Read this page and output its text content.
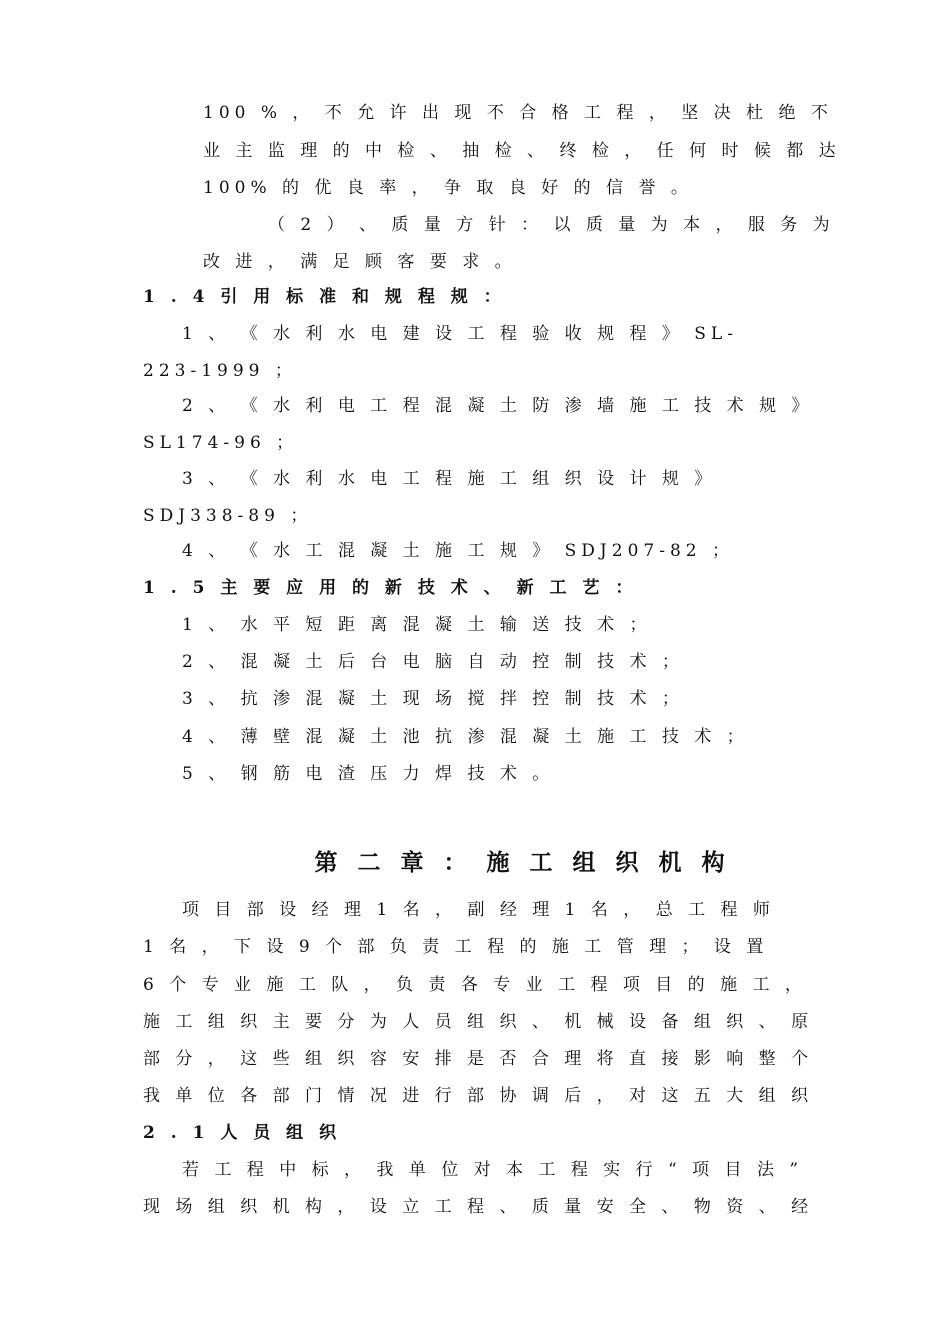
100 % ， 不 允 许 出 现 不 合 格 工 程 ， 坚 决 杜 绝 不
业 主 监 理 的 中 检 、 抽 检 、 终 检 ， 任 何 时 候 都 达
100% 的 优 良 率 ， 争 取 良 好 的 信 誉 。
（ 2 ） 、 质 量 方 针 ： 以 质 量 为 本 ， 服 务 为
改 进 ， 满 足 顾 客 要 求 。
1 . 4 引 用 标 准 和 规 程 规 ：
1 、 《 水 利 水 电 建 设 工 程 验 收 规 程 》 SL-
223-1999 ；
2 、 《 水 利 电 工 程 混 凝 土 防 渗 墙 施 工 技 术 规 》
SL174-96 ；
3 、 《 水 利 水 电 工 程 施 工 组 织 设 计 规 》
SDJ338-89 ；
4 、 《 水 工 混 凝 土 施 工 规 》 SDJ207-82 ；
1 . 5 主 要 应 用 的 新 技 术 、 新 工 艺 ：
1 、 水 平 短 距 离 混 凝 土 输 送 技 术 ；
2 、 混 凝 土 后 台 电 脑 自 动 控 制 技 术 ；
3 、 抗 渗 混 凝 土 现 场 搅 拌 控 制 技 术 ；
4 、 薄 壁 混 凝 土 池 抗 渗 混 凝 土 施 工 技 术 ；
5 、 钢 筋 电 渣 压 力 焊 技 术 。
第 二 章 ： 施 工 组 织 机 构
项 目 部 设 经 理 1 名 ， 副 经 理 1 名 ， 总 工 程 师
1 名 ， 下 设 9 个 部 负 责 工 程 的 施 工 管 理 ； 设 置
6 个 专 业 施 工 队 ， 负 责 各 专 业 工 程 项 目 的 施 工 ，
施 工 组 织 主 要 分 为 人 员 组 织 、 机 械 设 备 组 织 、 原
部 分 ， 这 些 组 织 容 安 排 是 否 合 理 将 直 接 影 响 整 个
我 单 位 各 部 门 情 况 进 行 部 协 调 后 ， 对 这 五 大 组 织
2 . 1 人 员 组 织
若 工 程 中 标 ， 我 单 位 对 本 工 程 实 行 “ 项 目 法 ”
现 场 组 织 机 构 ， 设 立 工 程 、 质 量 安 全 、 物 资 、 经
